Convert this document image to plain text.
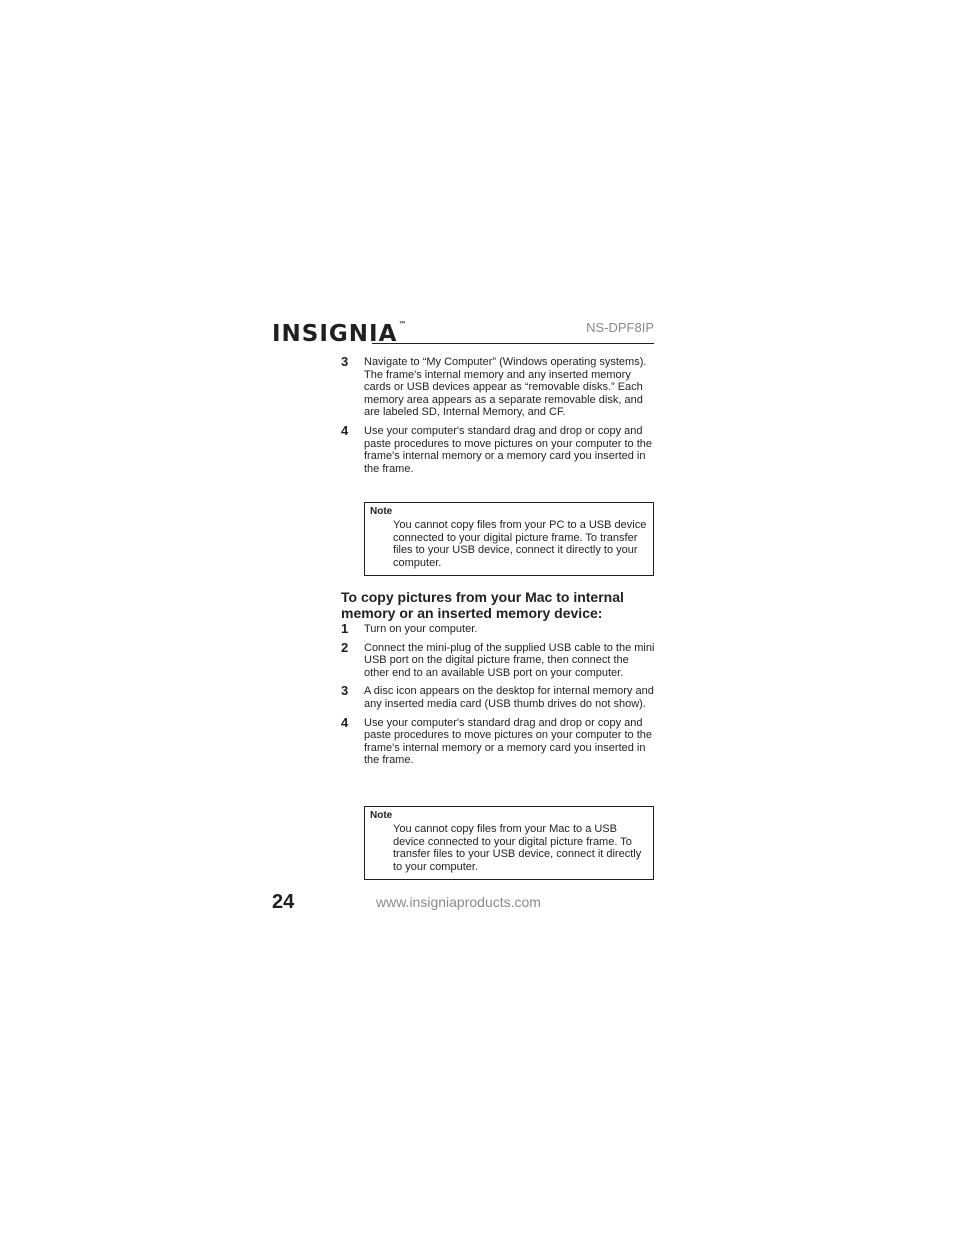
INSIGNIA™	NS-DPF8IP
3 Navigate to “My Computer” (Windows operating systems). The frame's internal memory and any inserted memory cards or USB devices appear as “removable disks.” Each memory area appears as a separate removable disk, and are labeled SD, Internal Memory, and CF.
4 Use your computer's standard drag and drop or copy and paste procedures to move pictures on your computer to the frame's internal memory or a memory card you inserted in the frame.
Note
You cannot copy files from your PC to a USB device connected to your digital picture frame. To transfer files to your USB device, connect it directly to your computer.
To copy pictures from your Mac to internal memory or an inserted memory device:
1 Turn on your computer.
2 Connect the mini-plug of the supplied USB cable to the mini USB port on the digital picture frame, then connect the other end to an available USB port on your computer.
3 A disc icon appears on the desktop for internal memory and any inserted media card (USB thumb drives do not show).
4 Use your computer's standard drag and drop or copy and paste procedures to move pictures on your computer to the frame's internal memory or a memory card you inserted in the frame.
Note
You cannot copy files from your Mac to a USB device connected to your digital picture frame. To transfer files to your USB device, connect it directly to your computer.
24	www.insigniaproducts.com
